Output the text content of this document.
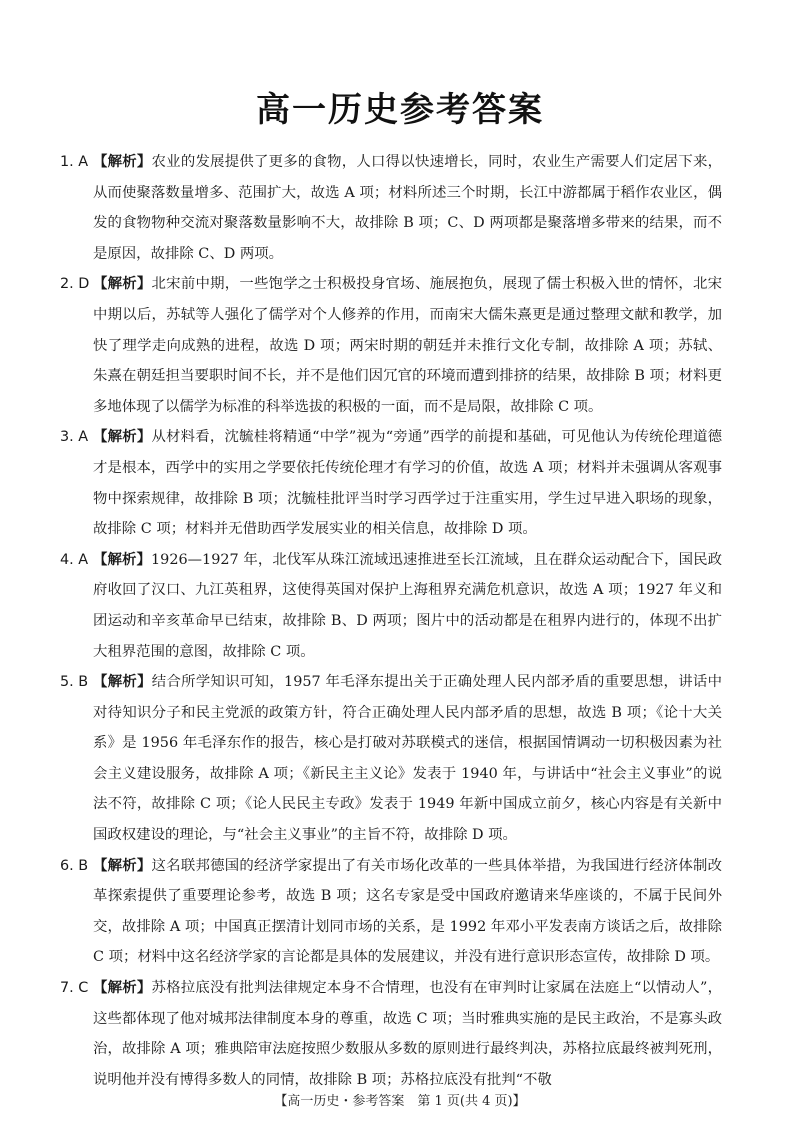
高一历史参考答案
1. A 【解析】农业的发展提供了更多的食物，人口得以快速增长，同时，农业生产需要人们定居下来，从而使聚落数量增多、范围扩大，故选 A 项；材料所述三个时期，长江中游都属于稻作农业区，偶发的食物物种交流对聚落数量影响不大，故排除 B 项；C、D 两项都是聚落增多带来的结果，而不是原因，故排除 C、D 两项。
2. D 【解析】北宋前中期，一些饱学之士积极投身官场、施展抱负，展现了儒士积极入世的情怀，北宋中期以后，苏轼等人强化了儒学对个人修养的作用，而南宋大儒朱熹更是通过整理文献和教学，加快了理学走向成熟的进程，故选 D 项；两宋时期的朝廷并未推行文化专制，故排除 A 项；苏轼、朱熹在朝廷担当要职时间不长，并不是他们因冗官的环境而遭到排挤的结果，故排除 B 项；材料更多地体现了以儒学为标准的科举选拔的积极的一面，而不是局限，故排除 C 项。
3. A 【解析】从材料看，沈毓桂将精通“中学”视为“旁通”西学的前提和基础，可见他认为传统伦理道德才是根本，西学中的实用之学要依托传统伦理才有学习的价值，故选 A 项；材料并未强调从客观事物中探索规律，故排除 B 项；沈毓桂批评当时学习西学过于注重实用，学生过早进入职场的现象，故排除 C 项；材料并无借助西学发展实业的相关信息，故排除 D 项。
4. A 【解析】1926—1927 年，北伐军从珠江流域迅速推进至长江流域，且在群众运动配合下，国民政府收回了汉口、九江英租界，这使得英国对保护上海租界充满危机意识，故选 A 项；1927 年义和团运动和辛亥革命早已结束，故排除 B、D 两项；图片中的活动都是在租界内进行的，体现不出扩大租界范围的意图，故排除 C 项。
5. B 【解析】结合所学知识可知，1957 年毛泽东提出关于正确处理人民内部矛盾的重要思想，讲话中对待知识分子和民主党派的政策方针，符合正确处理人民内部矛盾的思想，故选 B 项；《论十大关系》是 1956 年毛泽东作的报告，核心是打破对苏联模式的迷信，根据国情调动一切积极因素为社会主义建设服务，故排除 A 项；《新民主主义论》发表于 1940 年，与讲话中“社会主义事业”的说法不符，故排除 C 项；《论人民民主专政》发表于 1949 年新中国成立前夕，核心内容是有关新中国政权建设的理论，与“社会主义事业”的主旨不符，故排除 D 项。
6. B 【解析】这名联邦德国的经济学家提出了有关市场化改革的一些具体举措，为我国进行经济体制改革探索提供了重要理论参考，故选 B 项；这名专家是受中国政府邀请来华座谈的，不属于民间外交，故排除 A 项；中国真正摆清计划同市场的关系，是 1992 年邓小平发表南方谈话之后，故排除 C 项；材料中这名经济学家的言论都是具体的发展建议，并没有进行意识形态宣传，故排除 D 项。
7. C 【解析】苏格拉底没有批判法律规定本身不合情理，也没有在审判时让家属在法庭上“以情动人”，这些都体现了他对城邦法律制度本身的尊重，故选 C 项；当时雅典实施的是民主政治，不是寡头政治，故排除 A 项；雅典陪审法庭按照少数服从多数的原则进行最终判决，苏格拉底最终被判死刑，说明他并没有博得多数人的同情，故排除 B 项；苏格拉底没有批判“不敬
【高一历史・参考答案　第 1 页(共 4 页)】
